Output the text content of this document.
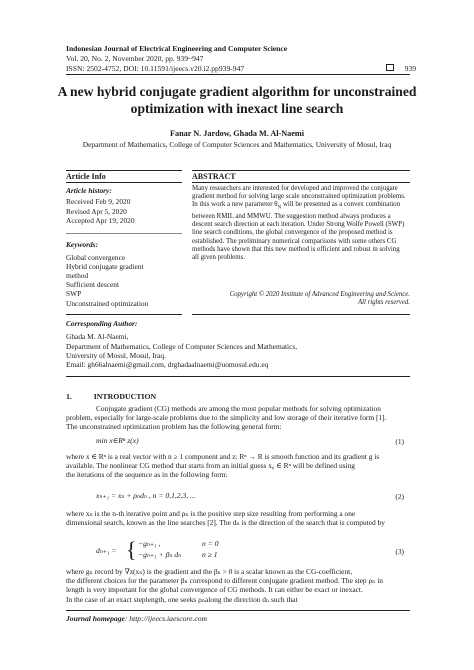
Indonesian Journal of Electrical Engineering and Computer Science
Vol. 20, No. 2, November 2020, pp. 939~947
ISSN: 2502-4752, DOI: 10.11591/ijeecs.v20.i2.pp939-947	939
A new hybrid conjugate gradient algorithm for unconstrained
optimization with inexact line search
Fanar N. Jardow, Ghada M. Al-Naemi
Department of Mathematics, College of Computer Sciences and Mathematics, University of Mosul, Iraq
Article Info	ABSTRACT
Article history:
Received Feb 9, 2020
Revised Apr 5, 2020
Accepted Apr 19, 2020
Keywords:
Global convergence
Hybrid conjugate gradient
method
Sufficient descent
SWP
Unconstrained optimization
Many researchers are interested for developed and improved the conjugate
gradient method for solving large scale unconstrained optimization problems.
In this work a new parameter $\theta_N$ will be presented as a convex combination
between RMIL and MMWU. The suggestion method always produces a
descent search direction at each iteration. Under Strong Wolfe Powell (SWP)
line search conditions, the global convergence of the proposed method is
established. The preliminary numerical comparisons with some others CG
methods have shown that this new method is efficient and robust in solving
all given problems.
Copyright © 2020 Institute of Advanced Engineering and Science.
All rights reserved.
Corresponding Author:
Ghada M. Al-Naemi,
Department of Mathematics, College of Computer Sciences and Mathematics,
University of Mosul, Mosul, Iraq.
Email: gh66alnaemi@gmail.com, drghadaalnaemi@uomosul.edu.eq
1.	INTRODUCTION
Conjugate gradient (CG) methods are among the most popular methods for solving optimization
problem, especially for large-scale problems due to the simplicity and low storage of their iterative form [1].
The unconstrained optimization problem has the following general form:
min x∈Rⁿ z(x)	(1)
where x ∈ Rⁿ is a real vector with n ≥ 1 component and z: Rⁿ → R is smooth function and its gradient g is
available. The nonlinear CG method that starts from an initial guess x₀ ∈ Rⁿ will be defined using
the iterations of the sequence as in the following form:
xₙ₊₁ = xₙ + ρₙdₙ , n = 0,1,2,3, ...	(2)
where xₙ is the n-th iterative point and ρₙ is the positive step size resulting from performing a one
dimensional search, known as the line searches [2]. The dₙ is the direction of the search that is computed by
dₙ₊₁ = { −gₙ₊₁ ,	n = 0
−gₙ₊₁ + βₙ dₙ	n ≥ 1	(3)
where gₙ record by ∇z(xₙ) is the gradient and the βₙ > 0 is a scalar known as the CG-coefficient,
the different choices for the parameter βₙ correspond to different conjugate gradient method. The step ρₙ in
length is very important for the global convergence of CG methods. It can either be exact or inexact.
In the case of an exact steplength, one seeks ρₙalong the direction dₙ such that
Journal homepage: http://ijeecs.iaescore.com
